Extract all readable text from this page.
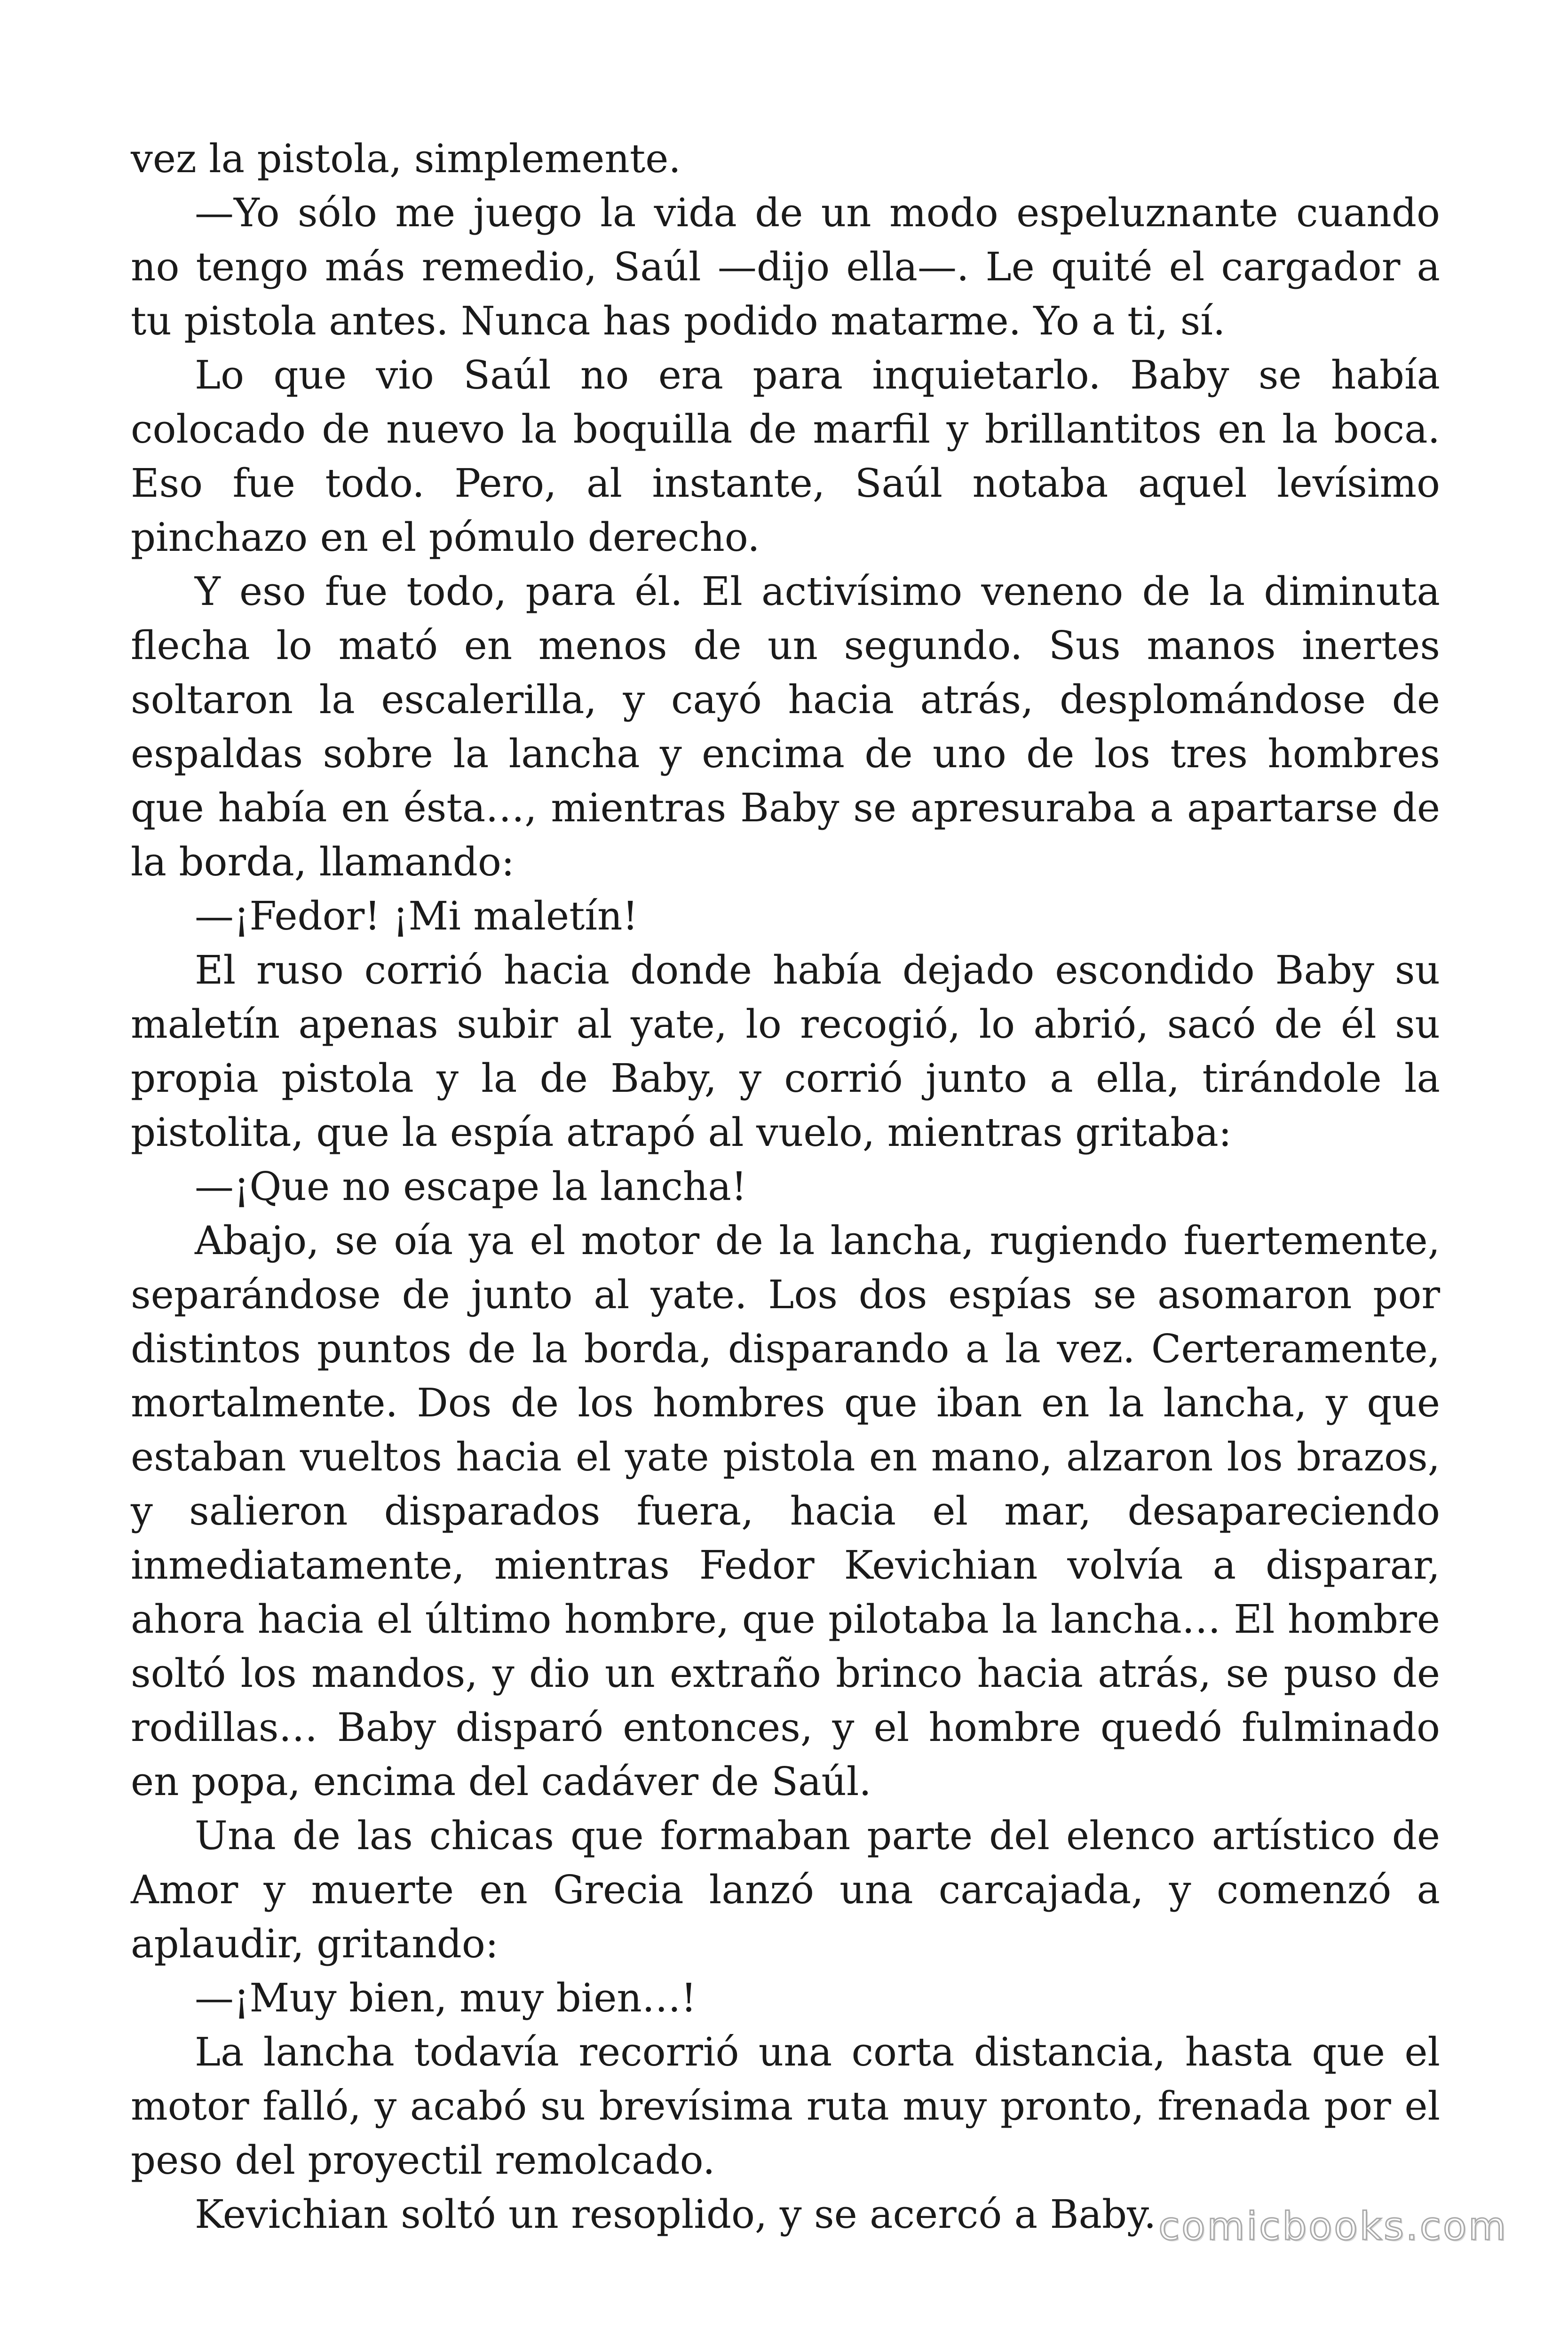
vez la pistola, simplemente.

—Yo sólo me juego la vida de un modo espeluznante cuando no tengo más remedio, Saúl —dijo ella—. Le quité el cargador a tu pistola antes. Nunca has podido matarme. Yo a ti, sí.

Lo que vio Saúl no era para inquietarlo. Baby se había colocado de nuevo la boquilla de marfil y brillantitos en la boca. Eso fue todo. Pero, al instante, Saúl notaba aquel levísimo pinchazo en el pómulo derecho.

Y eso fue todo, para él. El activísimo veneno de la diminuta flecha lo mató en menos de un segundo. Sus manos inertes soltaron la escalerilla, y cayó hacia atrás, desplomándose de espaldas sobre la lancha y encima de uno de los tres hombres que había en ésta…, mientras Baby se apresuraba a apartarse de la borda, llamando:

—¡Fedor! ¡Mi maletín!

El ruso corrió hacia donde había dejado escondido Baby su maletín apenas subir al yate, lo recogió, lo abrió, sacó de él su propia pistola y la de Baby, y corrió junto a ella, tirándole la pistolita, que la espía atrapó al vuelo, mientras gritaba:

—¡Que no escape la lancha!

Abajo, se oía ya el motor de la lancha, rugiendo fuertemente, separándose de junto al yate. Los dos espías se asomaron por distintos puntos de la borda, disparando a la vez. Certeramente, mortalmente. Dos de los hombres que iban en la lancha, y que estaban vueltos hacia el yate pistola en mano, alzaron los brazos, y salieron disparados fuera, hacia el mar, desapareciendo inmediatamente, mientras Fedor Kevichian volvía a disparar, ahora hacia el último hombre, que pilotaba la lancha… El hombre soltó los mandos, y dio un extraño brinco hacia atrás, se puso de rodillas… Baby disparó entonces, y el hombre quedó fulminado en popa, encima del cadáver de Saúl.

Una de las chicas que formaban parte del elenco artístico de Amor y muerte en Grecia lanzó una carcajada, y comenzó a aplaudir, gritando:

—¡Muy bien, muy bien…!

La lancha todavía recorrió una corta distancia, hasta que el motor falló, y acabó su brevísima ruta muy pronto, frenada por el peso del proyectil remolcado.

Kevichian soltó un resoplido, y se acercó a Baby. comicbooks.com
